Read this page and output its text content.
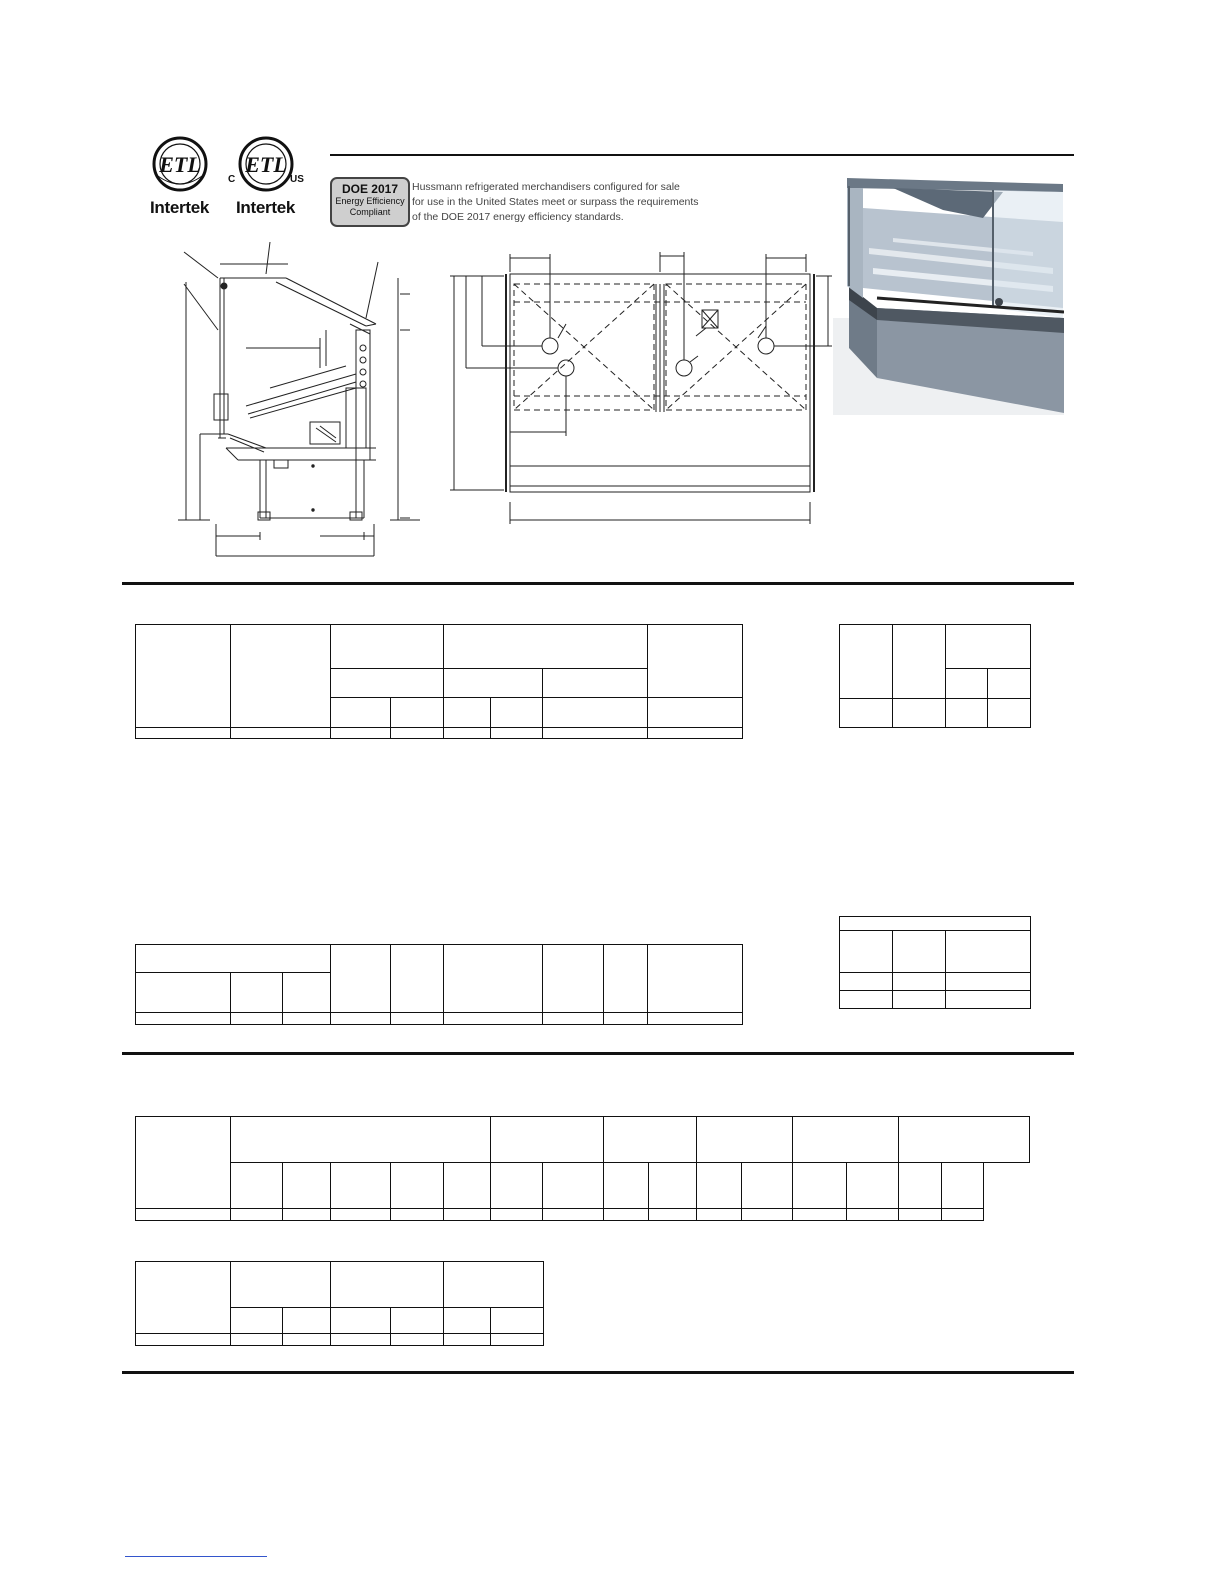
ETL
Intertek
C
ETL
US
Intertek
DOE 2017
Energy Efficiency
Compliant
Hussmann refrigerated merchandisers configured for sale
for use in the United States meet or surpass the requirements
of the DOE 2017 energy efficiency standards.
